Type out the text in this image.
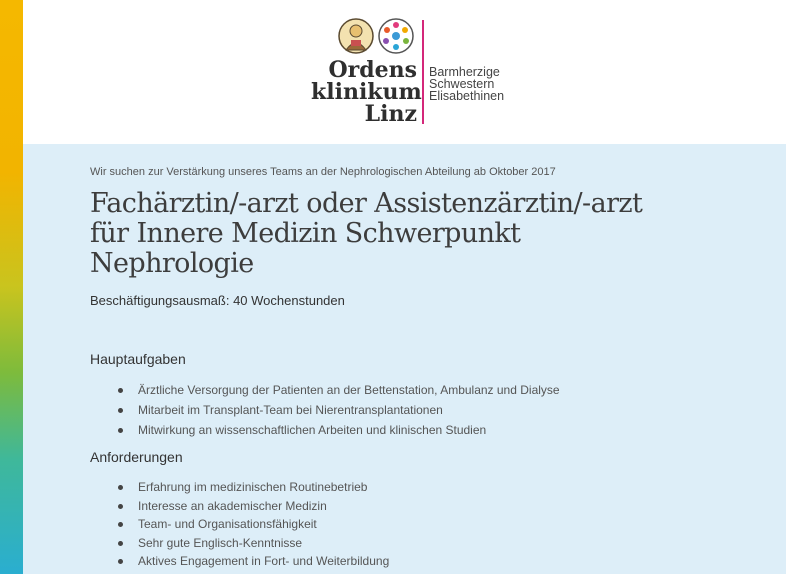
Ordens
klinikum
Linz
Barmherzige
Schwestern
Elisabethinen
Wir suchen zur Verstärkung unseres Teams an der Nephrologischen Abteilung ab Oktober 2017
Fachärztin/-arzt oder Assistenzärztin/-arzt
für Innere Medizin Schwerpunkt
Nephrologie
Beschäftigungsausmaß: 40 Wochenstunden
Hauptaufgaben
Ärztliche Versorgung der Patienten an der Bettenstation, Ambulanz und Dialyse
Mitarbeit im Transplant-Team bei Nierentransplantationen
Mitwirkung an wissenschaftlichen Arbeiten und klinischen Studien
Anforderungen
Erfahrung im medizinischen Routinebetrieb
Interesse an akademischer Medizin
Team- und Organisationsfähigkeit
Sehr gute Englisch-Kenntnisse
Aktives Engagement in Fort- und Weiterbildung
